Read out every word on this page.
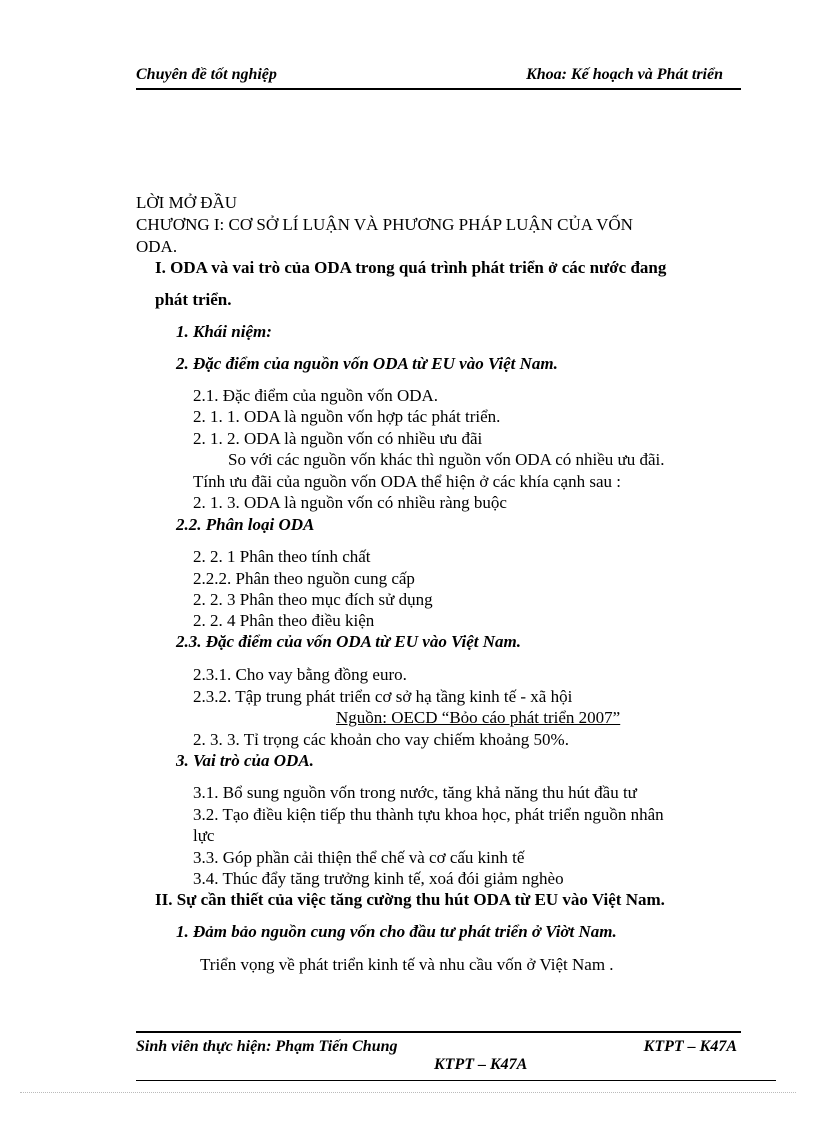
Chuyên đề tốt nghiệp	Khoa: Kế hoạch và Phát triển
LỜI MỞ ĐẦU
CHƯƠNG I: CƠ SỞ LÍ LUẬN VÀ PHƯƠNG PHÁP LUẬN CỦA VỐN
ODA.
I. ODA và vai trò của ODA trong quá trình phát triển ở các nước đang
phát triển.
1. Khái niệm:
2. Đặc điểm của nguồn vốn ODA từ EU vào Việt Nam.
2.1. Đặc điểm của nguồn vốn ODA.
2. 1. 1. ODA là nguồn vốn hợp tác phát triển.
2. 1. 2. ODA là nguồn vốn có nhiều ưu đãi
So với các nguồn vốn khác thì nguồn vốn ODA có nhiều ưu đãi.
Tính ưu đãi của nguồn vốn ODA thể hiện ở các khía cạnh sau :
2. 1. 3. ODA là nguồn vốn có nhiều ràng buộc
2.2. Phân loại ODA
2. 2. 1 Phân theo tính chất
2.2.2. Phân theo nguồn cung cấp
2. 2. 3 Phân theo mục đích sử dụng
2. 2. 4 Phân theo điều kiện
2.3. Đặc điểm của vốn ODA từ EU vào Việt Nam.
2.3.1. Cho vay bằng đồng euro.
2.3.2. Tập trung phát triển cơ sở hạ tầng kinh tế - xã hội
Nguồn: OECD “Bỏo cáo phát triển 2007”
2. 3. 3. Tỉ trọng các khoản cho vay chiếm khoảng 50%.
3. Vai trò của ODA.
3.1. Bổ sung nguồn vốn trong nước, tăng khả năng thu hút đầu tư
3.2. Tạo điều kiện tiếp thu thành tựu khoa học, phát triển nguồn nhân
lực
3.3. Góp phần cải thiện thể chế và cơ cấu kinh tế
3.4. Thúc đẩy tăng trưởng kinh tế, xoá đói giảm nghèo
II. Sự cần thiết của việc tăng cường thu hút ODA từ EU vào Việt Nam.
1. Đảm bảo nguồn cung vốn cho đầu tư phát triển ở Viờt Nam.
Triển vọng về phát triển kinh tế và nhu cầu vốn ở Việt Nam .
Sinh viên thực hiện: Phạm Tiến Chung	KTPT – K47A
KTPT – K47A
